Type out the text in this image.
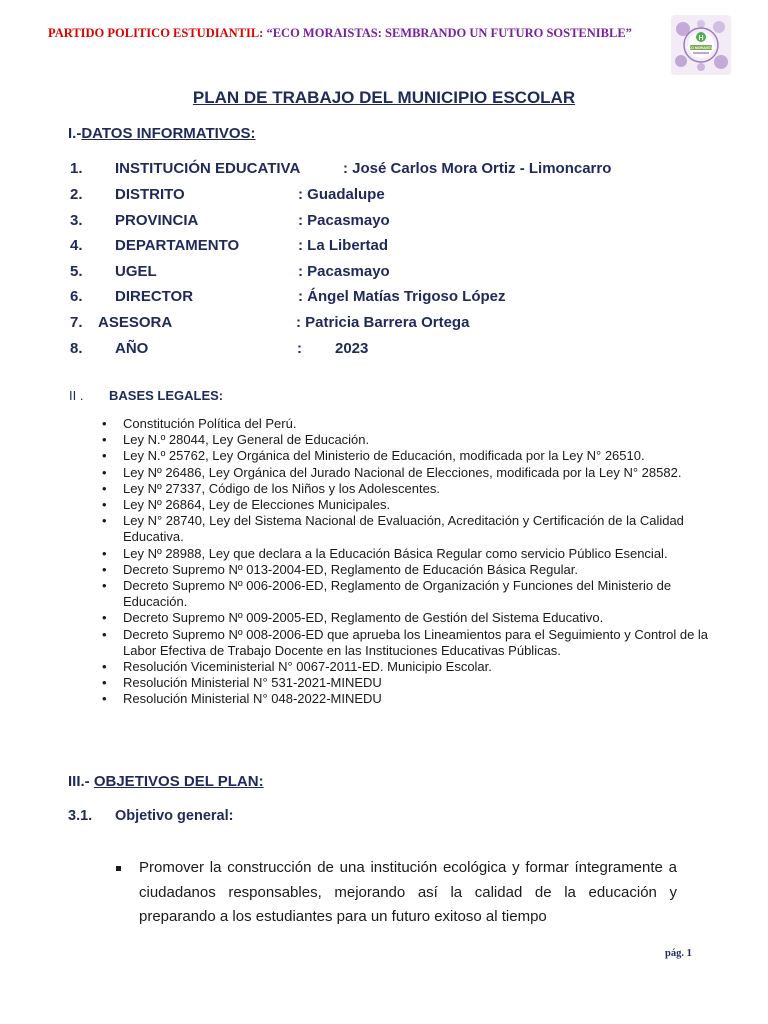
PARTIDO POLITICO ESTUDIANTIL: “ECO MORAISTAS: SEMBRANDO UN FUTURO SOSTENIBLE”	H
ECO MORAISTAS
PLAN DE TRABAJO DEL MUNICIPIO ESCOLAR
I.-DATOS INFORMATIVOS:
1. INSTITUCIÓN EDUCATIVA	: José Carlos Mora Ortiz - Limoncarro
2. DISTRITO	: Guadalupe
3. PROVINCIA	: Pacasmayo
4. DEPARTAMENTO	: La Libertad
5. UGEL	: Pacasmayo
6. DIRECTOR	: Ángel Matías Trigoso López
7. ASESORA	: Patricia Barrera Ortega
8. AÑO	: 2023
II . BASES LEGALES:
• Constitución Política del Perú.
• Ley N.º 28044, Ley General de Educación.
• Ley N.º 25762, Ley Orgánica del Ministerio de Educación, modificada por la Ley N° 26510.
• Ley Nº 26486, Ley Orgánica del Jurado Nacional de Elecciones, modificada por la Ley N° 28582.
• Ley Nº 27337, Código de los Niños y los Adolescentes.
• Ley Nº 26864, Ley de Elecciones Municipales.
• Ley N° 28740, Ley del Sistema Nacional de Evaluación, Acreditación y Certificación de la Calidad Educativa.
• Ley Nº 28988, Ley que declara a la Educación Básica Regular como servicio Público Esencial.
• Decreto Supremo Nº 013-2004-ED, Reglamento de Educación Básica Regular.
• Decreto Supremo Nº 006-2006-ED, Reglamento de Organización y Funciones del Ministerio de Educación.
• Decreto Supremo Nº 009-2005-ED, Reglamento de Gestión del Sistema Educativo.
• Decreto Supremo Nº 008-2006-ED que aprueba los Lineamientos para el Seguimiento y Control de la Labor Efectiva de Trabajo Docente en las Instituciones Educativas Públicas.
• Resolución Viceministerial N° 0067-2011-ED. Municipio Escolar.
• Resolución Ministerial N° 531-2021-MINEDU
• Resolución Ministerial N° 048-2022-MINEDU
III.- OBJETIVOS DEL PLAN:
3.1. Objetivo general:
Promover la construcción de una institución ecológica y formar íntegramente a ciudadanos responsables, mejorando así la calidad de la educación y preparando a los estudiantes para un futuro exitoso al tiempo
pág. 1
